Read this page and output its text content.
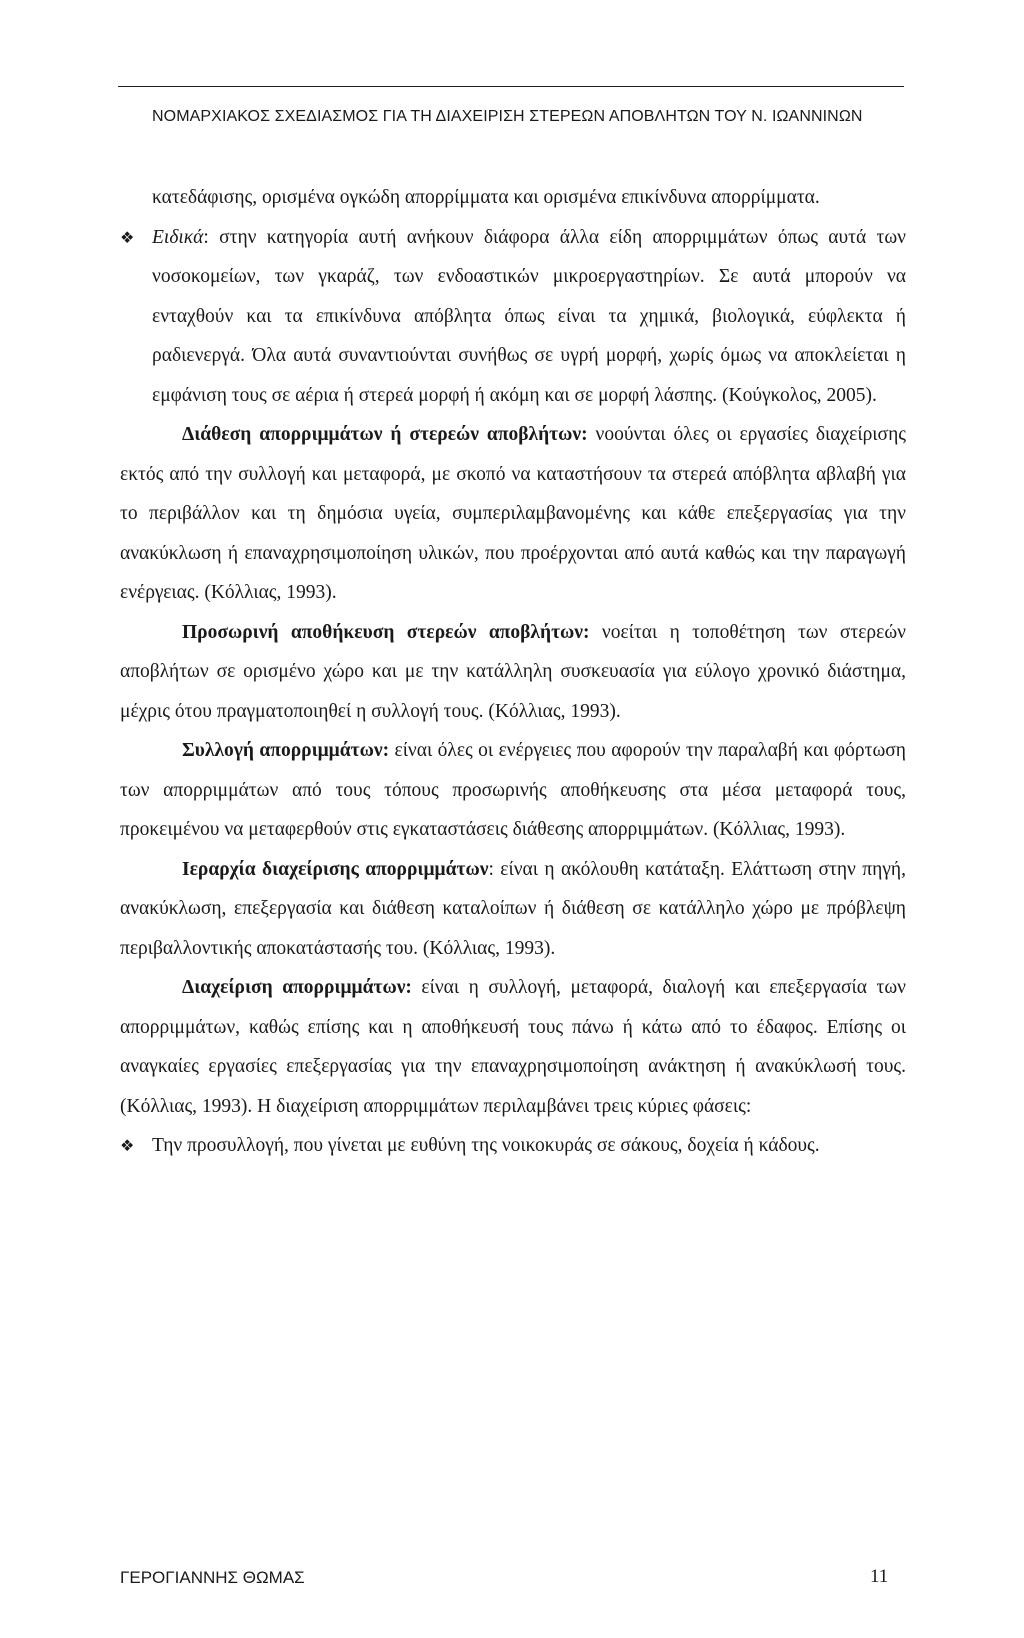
ΝΟΜΑΡΧΙΑΚΟΣ ΣΧΕΔΙΑΣΜΟΣ ΓΙΑ ΤΗ ΔΙΑΧΕΙΡΙΣΗ ΣΤΕΡΕΩΝ ΑΠΟΒΛΗΤΩΝ ΤΟΥ Ν. ΙΩΑΝΝΙΝΩΝ

κατεδάφισης, ορισμένα ογκώδη απορρίμματα και ορισμένα επικίνδυνα απορρίμματα.

❖ Ειδικά: στην κατηγορία αυτή ανήκουν διάφορα άλλα είδη απορριμμάτων όπως αυτά των νοσοκομείων, των γκαράζ, των ενδοαστικών μικροεργαστηρίων. Σε αυτά μπορούν να ενταχθούν και τα επικίνδυνα απόβλητα όπως είναι τα χημικά, βιολογικά, εύφλεκτα ή ραδιενεργά. Όλα αυτά συναντιούνται συνήθως σε υγρή μορφή, χωρίς όμως να αποκλείεται η εμφάνιση τους σε αέρια ή στερεά μορφή ή ακόμη και σε μορφή λάσπης. (Κούγκολος, 2005).

Διάθεση απορριμμάτων ή στερεών αποβλήτων: νοούνται όλες οι εργασίες διαχείρισης εκτός από την συλλογή και μεταφορά, με σκοπό να καταστήσουν τα στερεά απόβλητα αβλαβή για το περιβάλλον και τη δημόσια υγεία, συμπεριλαμβανομένης και κάθε επεξεργασίας για την ανακύκλωση ή επαναχρησιμοποίηση υλικών, που προέρχονται από αυτά καθώς και την παραγωγή ενέργειας. (Κόλλιας, 1993).

Προσωρινή αποθήκευση στερεών αποβλήτων: νοείται η τοποθέτηση των στερεών αποβλήτων σε ορισμένο χώρο και με την κατάλληλη συσκευασία για εύλογο χρονικό διάστημα, μέχρις ότου πραγματοποιηθεί η συλλογή τους. (Κόλλιας, 1993).

Συλλογή απορριμμάτων: είναι όλες οι ενέργειες που αφορούν την παραλαβή και φόρτωση των απορριμμάτων από τους τόπους προσωρινής αποθήκευσης στα μέσα μεταφορά τους, προκειμένου να μεταφερθούν στις εγκαταστάσεις διάθεσης απορριμμάτων. (Κόλλιας, 1993).

Ιεραρχία διαχείρισης απορριμμάτων: είναι η ακόλουθη κατάταξη. Ελάττωση στην πηγή, ανακύκλωση, επεξεργασία και διάθεση καταλοίπων ή διάθεση σε κατάλληλο χώρο με πρόβλεψη περιβαλλοντικής αποκατάστασής του. (Κόλλιας, 1993).

Διαχείριση απορριμμάτων: είναι η συλλογή, μεταφορά, διαλογή και επεξεργασία των απορριμμάτων, καθώς επίσης και η αποθήκευσή τους πάνω ή κάτω από το έδαφος. Επίσης οι αναγκαίες εργασίες επεξεργασίας για την επαναχρησιμοποίηση ανάκτηση ή ανακύκλωσή τους. (Κόλλιας, 1993). Η διαχείριση απορριμμάτων περιλαμβάνει τρεις κύριες φάσεις:

❖ Την προσυλλογή, που γίνεται με ευθύνη της νοικοκυράς σε σάκους, δοχεία ή κάδους.

ΓΕΡΟΓΙΑΝΝΗΣ ΘΩΜΑΣ	11
